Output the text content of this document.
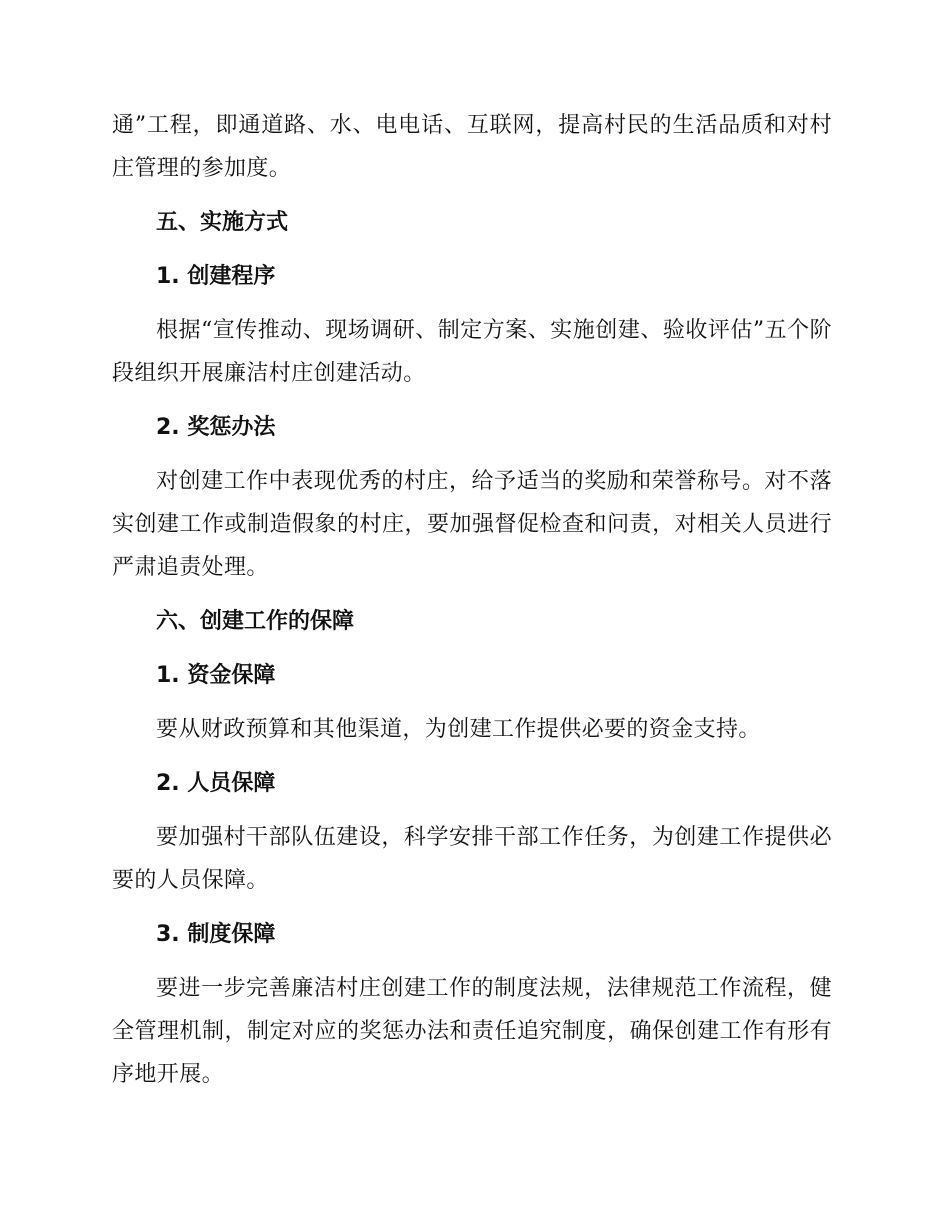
通”工程，即通道路、水、电电话、互联网，提高村民的生活品质和对村庄管理的参加度。

五、实施方式

1. 创建程序

根据“宣传推动、现场调研、制定方案、实施创建、验收评估”五个阶段组织开展廉洁村庄创建活动。

2. 奖惩办法

对创建工作中表现优秀的村庄，给予适当的奖励和荣誉称号。对不落实创建工作或制造假象的村庄，要加强督促检查和问责，对相关人员进行严肃追责处理。

六、创建工作的保障

1. 资金保障

要从财政预算和其他渠道，为创建工作提供必要的资金支持。

2. 人员保障

要加强村干部队伍建设，科学安排干部工作任务，为创建工作提供必要的人员保障。

3. 制度保障

要进一步完善廉洁村庄创建工作的制度法规，法律规范工作流程，健全管理机制，制定对应的奖惩办法和责任追究制度，确保创建工作有形有序地开展。
